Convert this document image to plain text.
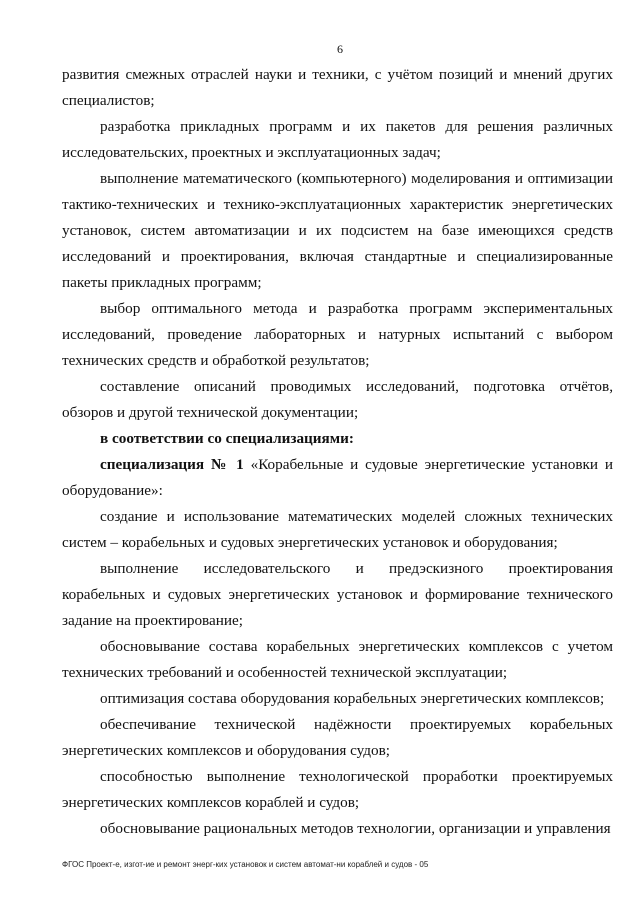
6

развития смежных отраслей науки и техники, с учётом позиций и мнений других специалистов;

разработка прикладных программ и их пакетов для решения различных исследовательских, проектных и эксплуатационных задач;

выполнение математического (компьютерного) моделирования и оптимизации тактико-технических и технико-эксплуатационных характеристик энергетических установок, систем автоматизации и их подсистем на базе имеющихся средств исследований и проектирования, включая стандартные и специализированные пакеты прикладных программ;

выбор оптимального метода и разработка программ экспериментальных исследований, проведение лабораторных и натурных испытаний с выбором технических средств и обработкой результатов;

составление описаний проводимых исследований, подготовка отчётов, обзоров и другой технической документации;

в соответствии со специализациями:

специализация № 1 «Корабельные и судовые энергетические установки и оборудование»:

создание и использование математических моделей сложных технических систем – корабельных и судовых энергетических установок и оборудования;

выполнение исследовательского и предэскизного проектирования корабельных и судовых энергетических установок и формирование технического задание на проектирование;

обосновывание состава корабельных энергетических комплексов с учетом технических требований и особенностей технической эксплуатации;

оптимизация состава оборудования корабельных энергетических комплексов;

обеспечивание технической надёжности проектируемых корабельных энергетических комплексов и оборудования судов;

способностью выполнение технологической проработки проектируемых энергетических комплексов кораблей и судов;

обосновывание рациональных методов технологии, организации и управления

ФГОС Проект-е, изгот-ие и ремонт энерг-ких установок и систем автомат-ни кораблей и судов - 05
